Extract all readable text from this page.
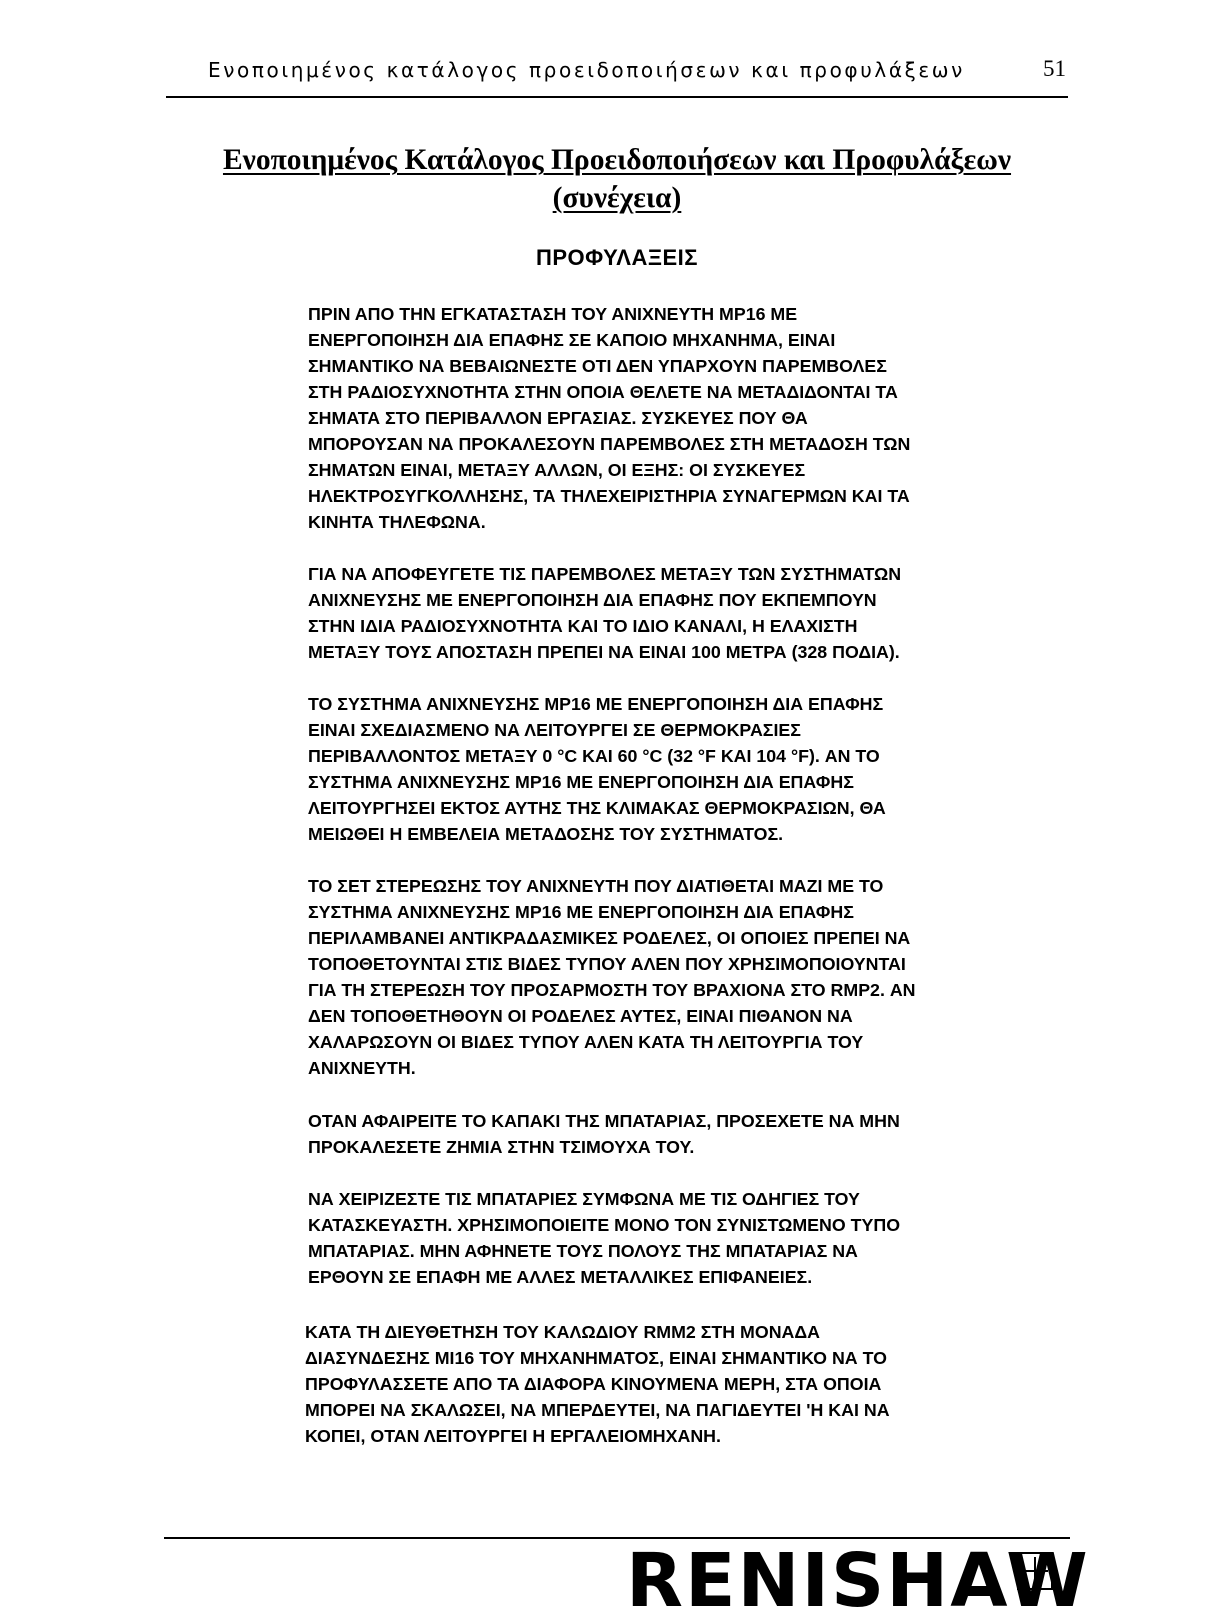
Ενοποιημένος κατάλογος προειδοποιήσεων και προφυλάξεων	51
Ενοποιημένος Κατάλογος Προειδοποιήσεων και Προφυλάξεων
(συνέχεια)
ΠΡΟΦΥΛΑΞΕΙΣ

ΠΡΙΝ ΑΠΟ ΤΗΝ ΕΓΚΑΤΑΣΤΑΣΗ ΤΟΥ ΑΝΙΧΝΕΥΤΗ MP16 ΜΕ
ΕΝΕΡΓΟΠΟΙΗΣΗ ΔΙΑ ΕΠΑΦΗΣ ΣΕ ΚΑΠΟΙΟ ΜΗΧΑΝΗΜΑ, ΕΙΝΑΙ
ΣΗΜΑΝΤΙΚΟ ΝΑ ΒΕΒΑΙΩΝΕΣΤΕ ΟΤΙ ΔΕΝ ΥΠΑΡΧΟΥΝ ΠΑΡΕΜΒΟΛΕΣ
ΣΤΗ ΡΑΔΙΟΣΥΧΝΟΤΗΤΑ ΣΤΗΝ ΟΠΟΙΑ ΘΕΛΕΤΕ ΝΑ ΜΕΤΑΔΙΔΟΝΤΑΙ ΤΑ
ΣΗΜΑΤΑ ΣΤΟ ΠΕΡΙΒΑΛΛΟΝ ΕΡΓΑΣΙΑΣ. ΣΥΣΚΕΥΕΣ ΠΟΥ ΘΑ
ΜΠΟΡΟΥΣΑΝ ΝΑ ΠΡΟΚΑΛΕΣΟΥΝ ΠΑΡΕΜΒΟΛΕΣ ΣΤΗ ΜΕΤΑΔΟΣΗ ΤΩΝ
ΣΗΜΑΤΩΝ ΕΙΝΑΙ, ΜΕΤΑΞΥ ΑΛΛΩΝ, ΟΙ ΕΞΗΣ: ΟΙ ΣΥΣΚΕΥΕΣ
ΗΛΕΚΤΡΟΣΥΓΚΟΛΛΗΣΗΣ, ΤΑ ΤΗΛΕΧΕΙΡΙΣΤΗΡΙΑ ΣΥΝΑΓΕΡΜΩΝ ΚΑΙ ΤΑ
ΚΙΝΗΤΑ ΤΗΛΕΦΩΝΑ.

ΓΙΑ ΝΑ ΑΠΟΦΕΥΓΕΤΕ ΤΙΣ ΠΑΡΕΜΒΟΛΕΣ ΜΕΤΑΞΥ ΤΩΝ ΣΥΣΤΗΜΑΤΩΝ
ΑΝΙΧΝΕΥΣΗΣ ΜΕ ΕΝΕΡΓΟΠΟΙΗΣΗ ΔΙΑ ΕΠΑΦΗΣ ΠΟΥ ΕΚΠΕΜΠΟΥΝ
ΣΤΗΝ ΙΔΙΑ ΡΑΔΙΟΣΥΧΝΟΤΗΤΑ ΚΑΙ ΤΟ ΙΔΙΟ ΚΑΝΑΛΙ, Η ΕΛΑΧΙΣΤΗ
ΜΕΤΑΞΥ ΤΟΥΣ ΑΠΟΣΤΑΣΗ ΠΡΕΠΕΙ ΝΑ ΕΙΝΑΙ 100 ΜΕΤΡΑ (328 ΠΟΔΙΑ).

ΤΟ ΣΥΣΤΗΜΑ ΑΝΙΧΝΕΥΣΗΣ MP16 ΜΕ ΕΝΕΡΓΟΠΟΙΗΣΗ ΔΙΑ ΕΠΑΦΗΣ
ΕΙΝΑΙ ΣΧΕΔΙΑΣΜΕΝΟ ΝΑ ΛΕΙΤΟΥΡΓΕΙ ΣΕ ΘΕΡΜΟΚΡΑΣΙΕΣ
ΠΕΡΙΒΑΛΛΟΝΤΟΣ ΜΕΤΑΞΥ 0 °C ΚΑΙ 60 °C (32 °F ΚΑΙ 104 °F). ΑΝ ΤΟ
ΣΥΣΤΗΜΑ ΑΝΙΧΝΕΥΣΗΣ MP16 ΜΕ ΕΝΕΡΓΟΠΟΙΗΣΗ ΔΙΑ ΕΠΑΦΗΣ
ΛΕΙΤΟΥΡΓΗΣΕΙ ΕΚΤΟΣ ΑΥΤΗΣ ΤΗΣ ΚΛΙΜΑΚΑΣ ΘΕΡΜΟΚΡΑΣΙΩΝ, ΘΑ
ΜΕΙΩΘΕΙ Η ΕΜΒΕΛΕΙΑ ΜΕΤΑΔΟΣΗΣ ΤΟΥ ΣΥΣΤΗΜΑΤΟΣ.

ΤΟ ΣΕΤ ΣΤΕΡΕΩΣΗΣ ΤΟΥ ΑΝΙΧΝΕΥΤΗ ΠΟΥ ΔΙΑΤΙΘΕΤΑΙ ΜΑΖΙ ΜΕ ΤΟ
ΣΥΣΤΗΜΑ ΑΝΙΧΝΕΥΣΗΣ MP16 ΜΕ ΕΝΕΡΓΟΠΟΙΗΣΗ ΔΙΑ ΕΠΑΦΗΣ
ΠΕΡΙΛΑΜΒΑΝΕΙ ΑΝΤΙΚΡΑΔΑΣΜΙΚΕΣ ΡΟΔΕΛΕΣ, ΟΙ ΟΠΟΙΕΣ ΠΡΕΠΕΙ ΝΑ
ΤΟΠΟΘΕΤΟΥΝΤΑΙ ΣΤΙΣ ΒΙΔΕΣ ΤΥΠΟΥ ΑΛΕΝ ΠΟΥ ΧΡΗΣΙΜΟΠΟΙΟΥΝΤΑΙ
ΓΙΑ ΤΗ ΣΤΕΡΕΩΣΗ ΤΟΥ ΠΡΟΣΑΡΜΟΣΤΗ ΤΟΥ ΒΡΑΧΙΟΝΑ ΣΤΟ RMP2. ΑΝ
ΔΕΝ ΤΟΠΟΘΕΤΗΘΟΥΝ ΟΙ ΡΟΔΕΛΕΣ ΑΥΤΕΣ, ΕΙΝΑΙ ΠΙΘΑΝΟΝ ΝΑ
ΧΑΛΑΡΩΣΟΥΝ ΟΙ ΒΙΔΕΣ ΤΥΠΟΥ ΑΛΕΝ ΚΑΤΑ ΤΗ ΛΕΙΤΟΥΡΓΙΑ ΤΟΥ
ΑΝΙΧΝΕΥΤΗ.

ΟΤΑΝ ΑΦΑΙΡΕΙΤΕ ΤΟ ΚΑΠΑΚΙ ΤΗΣ ΜΠΑΤΑΡΙΑΣ, ΠΡΟΣΕΧΕΤΕ ΝΑ ΜΗΝ
ΠΡΟΚΑΛΕΣΕΤΕ ΖΗΜΙΑ ΣΤΗΝ ΤΣΙΜΟΥΧΑ ΤΟΥ.

ΝΑ ΧΕΙΡΙΖΕΣΤΕ ΤΙΣ ΜΠΑΤΑΡΙΕΣ ΣΥΜΦΩΝΑ ΜΕ ΤΙΣ ΟΔΗΓΙΕΣ ΤΟΥ
ΚΑΤΑΣΚΕΥΑΣΤΗ. ΧΡΗΣΙΜΟΠΟΙΕΙΤΕ ΜΟΝΟ ΤΟΝ ΣΥΝΙΣΤΩΜΕΝΟ ΤΥΠΟ
ΜΠΑΤΑΡΙΑΣ. ΜΗΝ ΑΦΗΝΕΤΕ ΤΟΥΣ ΠΟΛΟΥΣ ΤΗΣ ΜΠΑΤΑΡΙΑΣ ΝΑ
ΕΡΘΟΥΝ ΣΕ ΕΠΑΦΗ ΜΕ ΑΛΛΕΣ ΜΕΤΑΛΛΙΚΕΣ ΕΠΙΦΑΝΕΙΕΣ.

ΚΑΤΑ ΤΗ ΔΙΕΥΘΕΤΗΣΗ ΤΟΥ ΚΑΛΩΔΙΟΥ RMM2 ΣΤΗ ΜΟΝΑΔΑ
ΔΙΑΣΥΝΔΕΣΗΣ MI16 ΤΟΥ ΜΗΧΑΝΗΜΑΤΟΣ, ΕΙΝΑΙ ΣΗΜΑΝΤΙΚΟ ΝΑ ΤΟ
ΠΡΟΦΥΛΑΣΣΕΤΕ ΑΠΟ ΤΑ ΔΙΑΦΟΡΑ ΚΙΝΟΥΜΕΝΑ ΜΕΡΗ, ΣΤΑ ΟΠΟΙΑ
ΜΠΟΡΕΙ ΝΑ ΣΚΑΛΩΣΕΙ, ΝΑ ΜΠΕΡΔΕΥΤΕΙ, ΝΑ ΠΑΓΙΔΕΥΤΕΙ 'Η ΚΑΙ ΝΑ
ΚΟΠΕΙ, ΟΤΑΝ ΛΕΙΤΟΥΡΓΕΙ Η ΕΡΓΑΛΕΙΟΜΗΧΑΝΗ.

RENISHAW
